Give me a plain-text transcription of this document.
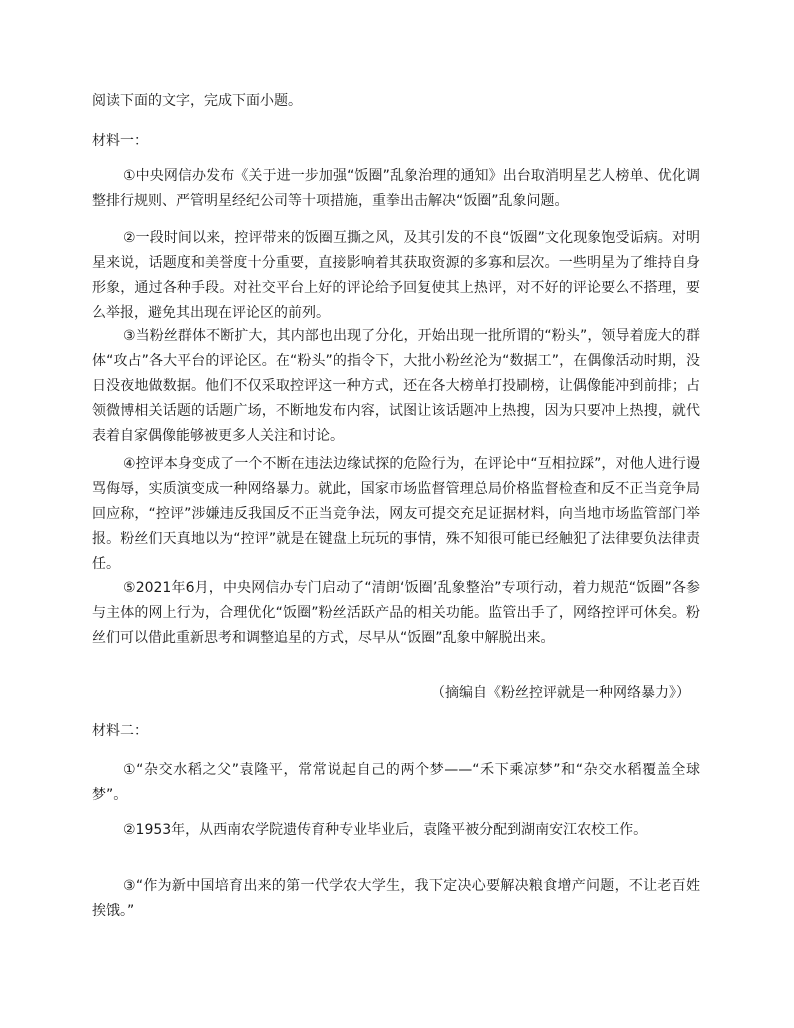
阅读下面的文字，完成下面小题。
材料一：
①中央网信办发布《关于进一步加强“饭圈”乱象治理的通知》出台取消明星艺人榜单、优化调整排行规则、严管明星经纪公司等十项措施，重拳出击解决“饭圈”乱象问题。
②一段时间以来，控评带来的饭圈互撕之风，及其引发的不良“饭圈”文化现象饱受诟病。对明星来说，话题度和美誉度十分重要，直接影响着其获取资源的多寡和层次。一些明星为了维持自身形象，通过各种手段。对社交平台上好的评论给予回复使其上热评，对不好的评论要么不搭理，要么举报，避免其出现在评论区的前列。
③当粉丝群体不断扩大，其内部也出现了分化，开始出现一批所谓的“粉头”，领导着庞大的群体“攻占”各大平台的评论区。在“粉头”的指令下，大批小粉丝沦为“数据工”，在偶像活动时期，没日没夜地做数据。他们不仅采取控评这一种方式，还在各大榜单打投刷榜，让偶像能冲到前排；占领微博相关话题的话题广场，不断地发布内容，试图让该话题冲上热搜，因为只要冲上热搜，就代表着自家偶像能够被更多人关注和讨论。
④控评本身变成了一个不断在违法边缘试探的危险行为，在评论中“互相拉踩”，对他人进行谩骂侮辱，实质演变成一种网络暴力。就此，国家市场监督管理总局价格监督检查和反不正当竞争局回应称，“控评”涉嫌违反我国反不正当竞争法，网友可提交充足证据材料，向当地市场监管部门举报。粉丝们天真地以为“控评”就是在键盘上玩玩的事情，殊不知很可能已经触犯了法律要负法律责任。
⑤2021年6月，中央网信办专门启动了“清朗‘饭圈’乱象整治”专项行动，着力规范“饭圈”各参与主体的网上行为，合理优化“饭圈”粉丝活跃产品的相关功能。监管出手了，网络控评可休矣。粉丝们可以借此重新思考和调整追星的方式，尽早从“饭圈”乱象中解脱出来。
（摘编自《粉丝控评就是一种网络暴力》）
材料二：
①“杂交水稻之父”袁隆平，常常说起自己的两个梦——“禾下乘凉梦”和“杂交水稻覆盖全球梦”。
②1953年，从西南农学院遗传育种专业毕业后，袁隆平被分配到湖南安江农校工作。
③“作为新中国培育出来的第一代学农大学生，我下定决心要解决粮食增产问题，不让老百姓挨饿。”
